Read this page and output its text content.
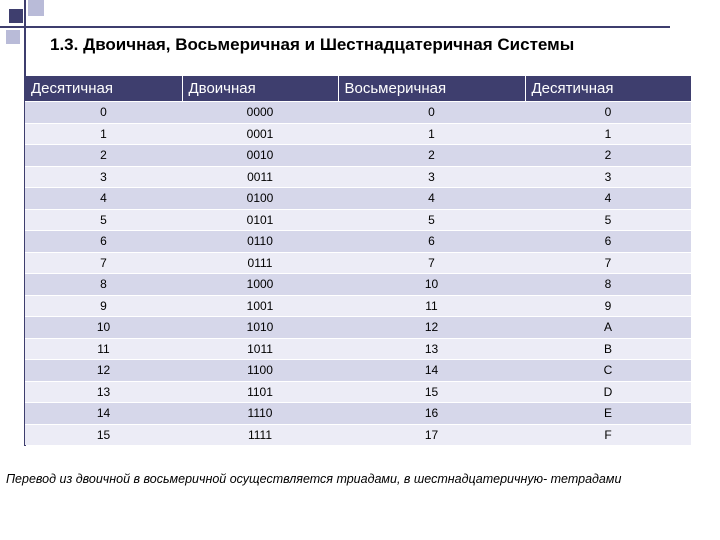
1.3. Двоичная, Восьмеричная и Шестнадцатеричная Системы
Десятичная	Двоичная	Восьмеричная	Десятичная
0	0000	0	0
1	0001	1	1
2	0010	2	2
3	0011	3	3
4	0100	4	4
5	0101	5	5
6	0110	6	6
7	0111	7	7
8	1000	10	8
9	1001	11	9
10	1010	12	A
11	1011	13	B
12	1100	14	C
13	1101	15	D
14	1110	16	E
15	1111	17	F
Перевод из двоичной в восьмеричной осуществляется триадами, в шестнадцатеричную- тетрадами
